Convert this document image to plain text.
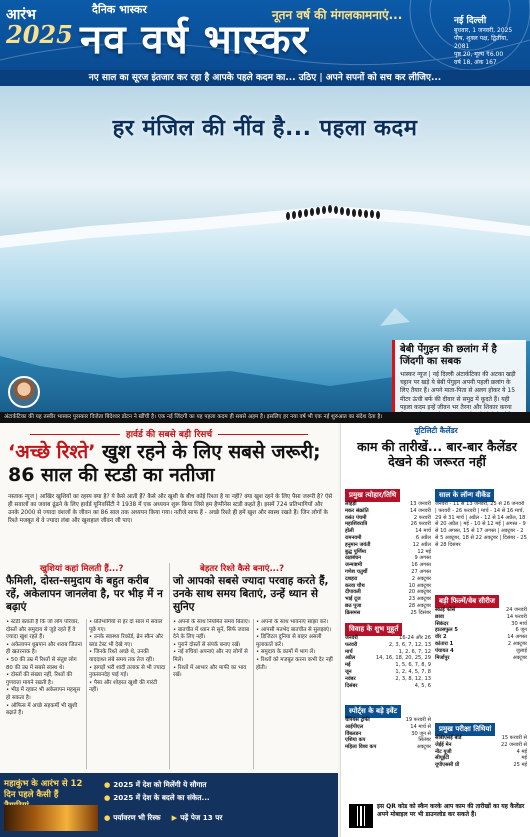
आरंभ
2025
दैनिक भास्कर
नव वर्ष भास्कर
नूतन वर्ष की मंगलकामनाएं...	नई दिल्ली
बुधवार, 1 जनवरी, 2025
पौष, शुक्ल पक्ष, द्वितीया, 2081
पृष्ठ 20, मूल्य ₹6.00
वर्ष 18, अंक 167
नए साल का सूरज इंतजार कर रहा है आपके पहले कदम का... उठिए | अपने सपनों को सच कर लीजिए...
बेबी पेंगुइन की छलांग में है जिंदगी का सबक

भास्कर न्यूज | नई दिल्ली अंटार्कटिका की अटका खड़ी चट्टान पर खड़े ये बेबी पेंगुइन अपनी पहली छलांग के लिए तैयार हैं। अपने माता-पिता से अलग होकर ये 15 मीटर ऊंची बर्फ की दीवार से समुद्र में कूदते हैं। यही पहला कदम इन्हें जीवन भर तैरना और शिकार करना

हर मंजिल की नींव है... पहला कदम
अंटार्कटिका की यह तस्वीर भास्कर पुरस्कार विजेता बिंदेश्वर डोटन ने खींची है। एक नई जिंदगी का यह पहला कदम ही सबसे अहम है। इसलिए हर नया वर्ष भी एक नई शुरुआत का संदेश देता है।
हार्वर्ड की सबसे बड़ी रिसर्च
‘अच्छे रिश्ते’ खुश रहने के लिए सबसे जरूरी; 86 साल की स्टडी का नतीजा
नस्ताक न्यूज | आखिर खुशियों का रहस्य क्या है? ये कैसे आती हैं? कैसे और खुशी के बीच कोई रिश्ता है या नहीं? क्या खुश रहने के लिए पैसा जरूरी है? ऐसे ही सवालों का जवाब ढूंढने के लिए हार्वर्ड यूनिवर्सिटी ने 1938 में एक अध्ययन शुरू किया जिसे हम हैप्पीनेस स्टडी कहते हैं। इसमें 724 प्रतिभागियों और उनके 2000 से ज्यादा वंशजों के जीवन का 86 साल तक अध्ययन किया गया। नतीजे साफ हैं - अच्छे रिश्ते ही हमें खुश और स्वस्थ रखते हैं। जिन लोगों के रिश्ते मजबूत थे वे ज्यादा लंबा और खुशहाल जीवन जी पाए।
खुशियां कहां मिलती हैं...?
फैमिली, दोस्त-समुदाय के बहुत करीब रहें, अकेलापन जानलेवा है, पर भीड़ में न बढ़ाएं
• स्टडी बताती है कि जो लोग परिवार, दोस्तों और समुदाय से जुड़े रहते हैं वे ज्यादा खुश रहते हैं।
• अकेलापन धूम्रपान और शराब जितना ही खतरनाक है।
• 50 की उम्र में रिश्तों से संतुष्ट लोग 80 की उम्र में सबसे स्वस्थ थे।
• दोस्तों की संख्या नहीं, रिश्तों की गुणवत्ता मायने रखती है।
• भीड़ में रहकर भी अकेलापन महसूस हो सकता है।
• ऑफिस में अच्छे सहकर्मी भी खुशी बढ़ाते हैं।
• प्रतिभागियों से हर दो साल में सवाल पूछे गए।
• उनके स्वास्थ्य रिकॉर्ड, ब्रेन स्कैन और ब्लड टेस्ट भी देखे गए।
• जिनके रिश्ते अच्छे थे, उनकी याददाश्त लंबे समय तक तेज रही।
• झगड़ों भरी शादी तलाक से भी ज्यादा नुकसानदेह पाई गई।
• पैसा और शोहरत खुशी की गारंटी नहीं।
बेहतर रिश्ते कैसे बनाएं...?
जो आपको सबसे ज्यादा परवाह करते हैं, उनके साथ समय बिताएं, उन्हें ध्यान से सुनिए
• अपनों के साथ नियमित समय बिताएं।
• बातचीत में ध्यान से सुनें, सिर्फ जवाब देने के लिए नहीं।
• पुराने दोस्तों से संपर्क बनाए रखें।
• नई रुचियां अपनाएं और नए लोगों से मिलें।
• रिश्तों में आभार और माफी का भाव रखें।
• अपनों के साथ भावनाएं साझा करें।
• आपसी मतभेद बातचीत से सुलझाएं।
• डिजिटल दुनिया से बाहर असली मुलाकातें करें।
• समुदाय के कामों में भाग लें।
• रिश्तों को मजबूत करना कभी देर नहीं होती।
महाकुंभ के आरंभ से 12 दिन पहले कैसी हैं
● 2025 में देश को मिलेंगी ये सौगात
● 2025 में देश के बदले का संकेत...
● पर्यावरण भी रिस्क ▶ पढ़ें पेज 13 पर
यूटिलिटी कैलेंडर
काम की तारीखें... बार-बार कैलेंडर देखने की जरूरत नहीं
प्रमुख त्योहार/तिथि
लोहड़ी	13 जनवरी
मकर संक्रांति	14 जनवरी
वसंत पंचमी	2 फरवरी
महाशिवरात्रि	26 फरवरी
होली	14 मार्च
रामनवमी	6 अप्रैल
हनुमान जयंती	12 अप्रैल
बुद्ध पूर्णिमा	12 मई
रक्षाबंधन	9 अगस्त
जन्माष्टमी	16 अगस्त
गणेश चतुर्थी	27 अगस्त
दशहरा	2 अक्टूबर
करवा चौथ	10 अक्टूबर
दीपावली	20 अक्टूबर
भाई दूज	23 अक्टूबर
छठ पूजा	28 अक्टूबर
क्रिसमस	25 दिसंबर
साल के लॉन्ग वीकेंड
जनवरी - 11 से 13 जनवरी, 25 से 26 जनवरी | फरवरी - 26 फरवरी | मार्च - 14 से 16 मार्च, 29 से 31 मार्च | अप्रैल - 12 से 14 अप्रैल, 18 से 20 अप्रैल | मई - 10 से 12 मई | अगस्त - 9 से 10 अगस्त, 15 से 17 अगस्त | अक्टूबर - 2 से 5 अक्टूबर, 18 से 22 अक्टूबर | दिसंबर - 25 से 28 दिसंबर
बड़ी फिल्में/वेब सीरीज
स्काई फोर्स	24 जनवरी
छावा	14 फरवरी
सिकंदर	30 मार्च
हाउसफुल 5	6 जून
वॉर 2	14 अगस्त
कांतारा 1	2 अक्टूबर
पंचायत 4	जुलाई
मिर्जापुर	अक्टूबर
विवाह के शुभ मुहूर्त
जनवरी	16-24 और 26
फरवरी	2, 3, 6, 7, 12, 13
मार्च	1, 2, 6, 7, 12
अप्रैल	14, 16, 18, 20, 25, 29
मई	1, 5, 6, 7, 8, 9
जून	1, 2, 4, 5, 7, 8
नवंबर	2, 3, 8, 12, 13
दिसंबर	4, 5, 6
स्पोर्ट्स के बड़े इवेंट
चैंपियंस ट्रॉफी	19 फरवरी से
आईपीएल	14 मार्च से
विंबलडन	30 जून से
एशिया कप	सितंबर
महिला विश्व कप	अक्टूबर
प्रमुख परीक्षा तिथियां
सीबीएसई बोर्ड	15 फरवरी से
जेईई मेन	22 जनवरी से
नीट यूजी	4 मई
सीयूईटी	मई
यूपीएससी प्री	25 मई
इस QR कोड को स्कैन करके आप काम की तारीखों का यह कैलेंडर अपने मोबाइल पर भी डाउनलोड कर सकते हैं।
